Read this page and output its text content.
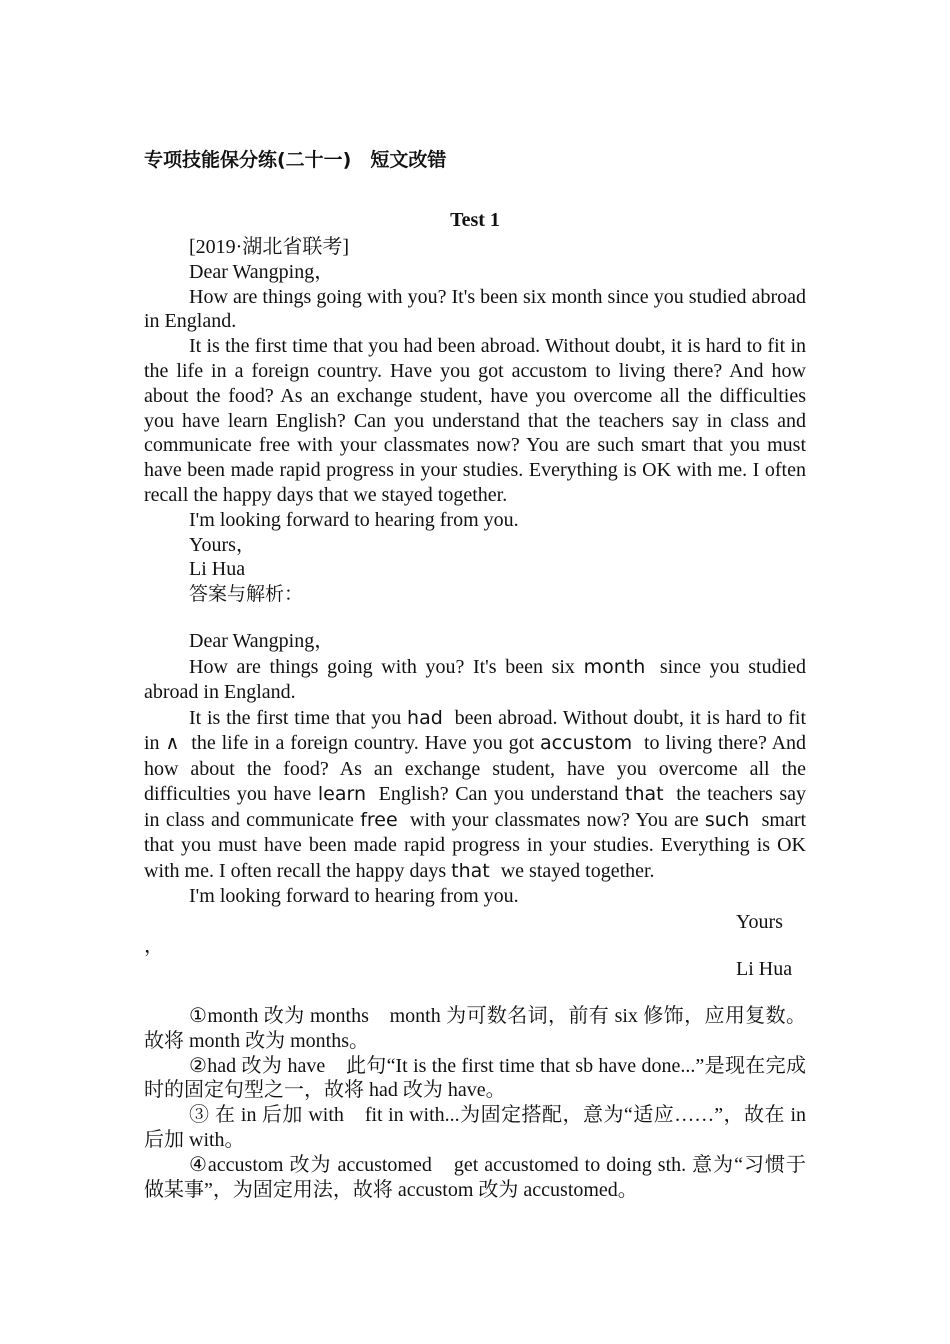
专项技能保分练(二十一)　短文改错
Test 1

[2019·湖北省联考]

Dear Wangping，

How are things going with you? It's been six month since you studied abroad in England.

It is the first time that you had been abroad. Without doubt, it is hard to fit in the life in a foreign country. Have you got accustom to living there? And how about the food? As an exchange student, have you overcome all the difficulties you have learn English? Can you understand that the teachers say in class and communicate free with your classmates now? You are such smart that you must have been made rapid progress in your studies. Everything is OK with me. I often recall the happy days that we stayed together.

I'm looking forward to hearing from you.

Yours，

Li Hua

答案与解析：

Dear Wangping，

How are things going with you? It's been six month since you studied abroad in England.

It is the first time that you had been abroad. Without doubt, it is hard to fit in ∧ the life in a foreign country. Have you got accustom to living there? And how about the food? As an exchange student, have you overcome all the difficulties you have learn English? Can you understand that the teachers say in class and communicate free with your classmates now? You are such smart that you must have been made rapid progress in your studies. Everything is OK with me. I often recall the happy days that we stayed together.

I'm looking forward to hearing from you.

Yours

，

Li Hua

①month 改为 months　month 为可数名词，前有 six 修饰，应用复数。故将 month 改为 months。

②had 改为 have　此句“It is the first time that sb have done...”是现在完成时的固定句型之一，故将 had 改为 have。

③ 在 in 后加 with　fit in with...为固定搭配，意为“适应……”，故在 in 后加 with。

④accustom 改为 accustomed　get accustomed to doing sth. 意为“习惯于做某事”，为固定用法，故将 accustom 改为 accustomed。
